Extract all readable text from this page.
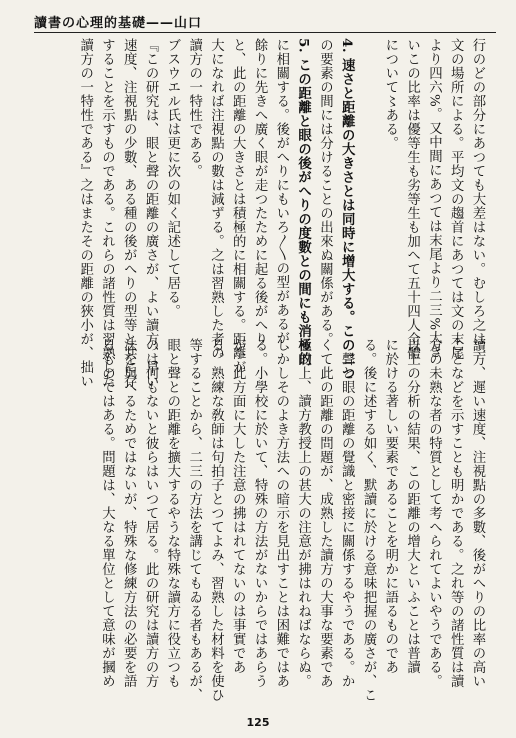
讀書の心理的基礎——山口
行のどの部分にあつても大差はない。むしろ之は一
文の場所による。平均文の趨首にあつては文の末尾
より四六%。又中間にあつては末尾より二三%大き
いこの比率は優等生も劣等生も加へて五十四人全體
について〻ある。

4. 速さと距離の大きさとは同時に增大する。この二つ
の要素の間には分けることの出來ぬ關係がある。
5. この距離と眼の後がへりの度數との間にも消極的
に相關する。後がへりにもいろ〳〵の型があるが、
餘りに先きへ廣く眼が走つたために起る後がへり
と、此の距離の大きさとは積極的に相關する。距離が
大になれば注視點の數は減ずる。之は習熟した者の
讀方の一特性である。
ブスウエル氏は更に次の如く記述して居る。
『この研究は、眼と聲の距離の廣さが、よい讀方、早い
速度、注視點の少數、ある種の後がへりの型等と共に存
することを示すものである。これらの諸性質は習熟した
讀方の一特性である』之はまたその距離の狹小が、拙い
讀方、遲い速度、注視點の多數、後がへりの比率の高い
ことなどを示すことも明かである。之れ等の諸性質は讀
方の未熟な者の特質として考へられてよいやうである。
以上の分析の結果、この距離の增大といふことは普讀
に於ける著しい要素であることを明かに語るものであ
る。後に述する如く、默讀に於ける意味把握の廣さが、こ
の聲と眼の距離の覺識と密接に關係するやうである。か
くて此の距離の問題が、成熟した讀方の大事な要素であ
る以上、讀方教授上の甚大の注意が拂はれねばならぬ。
しかしそのよき方法への暗示を見出すことは困難ではあ
る。小學校に於いて、特殊の方法がないからではあらう
が、此方面に大した注意の拂はれてないのは事實であ
る。熟練な敎師は句拍子とつてよみ、習熟した材料を使ひ
等することから、二三の方法を講じてもゐる者もあるが、
眼と聲との距離を擴大するやうな特殊な讀方に役立つも
のは何もないと彼らはいつて居る。此の研究は讀方の方
法を與へるためではないが、特殊な修練方法の必要を語
るものではある。問題は、大なる單位として意味が摑め
125
